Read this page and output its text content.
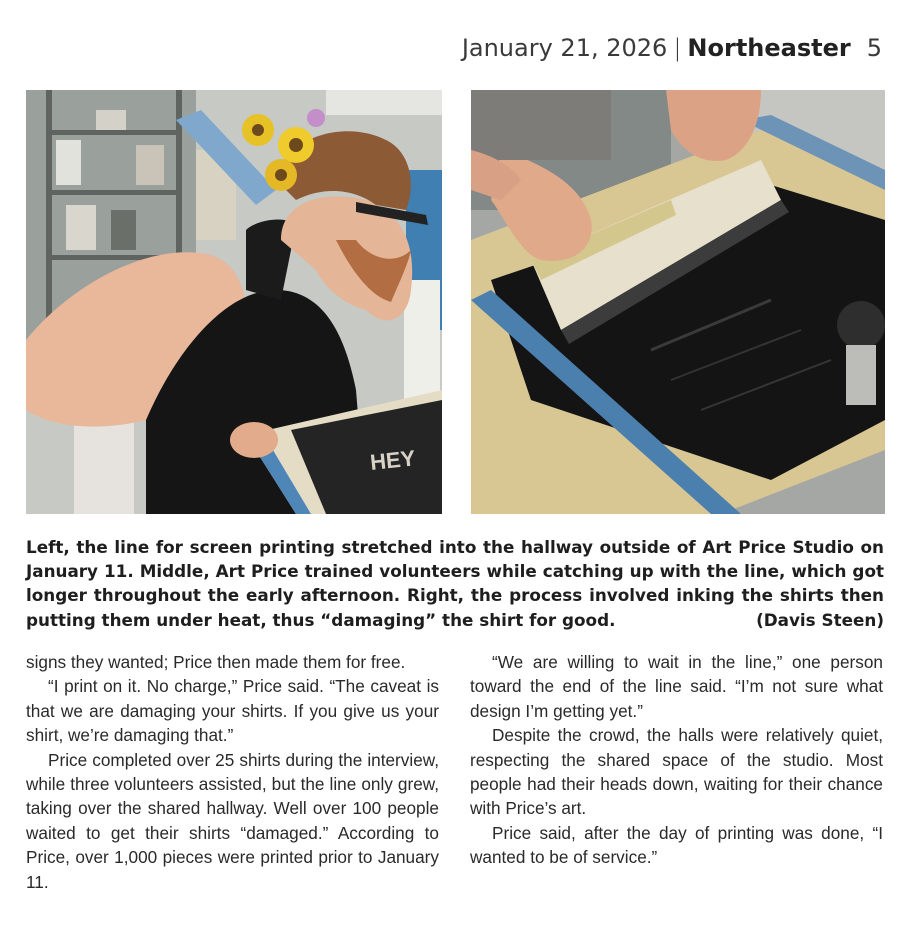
January 21, 2026 | Northeaster 5
HEY
Left, the line for screen printing stretched into the hallway outside of Art Price Studio on January 11. Middle, Art Price trained volunteers while catching up with the line, which got longer throughout the early afternoon. Right, the process involved inking the shirts then putting them under heat, thus “damaging” the shirt for good.	(Davis Steen)

signs they wanted; Price then made them for free.

“I print on it. No charge,” Price said. “The caveat is that we are damaging your shirts. If you give us your shirt, we’re damaging that.”

Price completed over 25 shirts during the interview, while three volunteers assisted, but the line only grew, taking over the shared hallway. Well over 100 people waited to get their shirts “damaged.” According to Price, over 1,000 pieces were printed prior to January 11.

“We are willing to wait in the line,” one person toward the end of the line said. “I’m not sure what design I’m getting yet.”

Despite the crowd, the halls were relatively quiet, respecting the shared space of the studio. Most people had their heads down, waiting for their chance with Price’s art.

Price said, after the day of printing was done, “I wanted to be of service.”
